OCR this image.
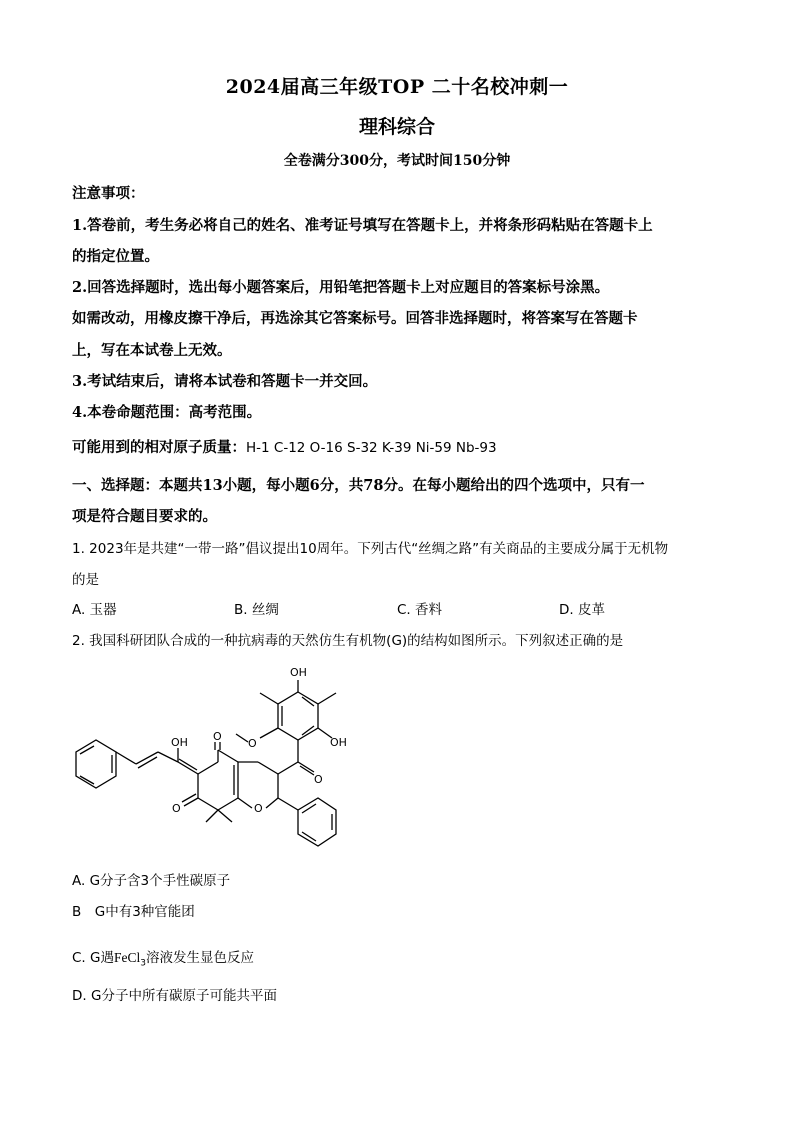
2024届高三年级TOP 二十名校冲刺一
理科综合
全卷满分300分，考试时间150分钟
注意事项：
1.答卷前，考生务必将自己的姓名、准考证号填写在答题卡上，并将条形码粘贴在答题卡上
的指定位置。
2.回答选择题时，选出每小题答案后，用铅笔把答题卡上对应题目的答案标号涂黑。
如需改动，用橡皮擦干净后，再选涂其它答案标号。回答非选择题时，将答案写在答题卡
上，写在本试卷上无效。
3.考试结束后，请将本试卷和答题卡一并交回。
4.本卷命题范围：高考范围。
可能用到的相对原子质量：H-1 C-12 O-16 S-32 K-39 Ni-59 Nb-93
一、选择题：本题共13小题，每小题6分，共78分。在每小题给出的四个选项中，只有一
项是符合题目要求的。
1. 2023年是共建“一带一路”倡议提出10周年。下列古代“丝绸之路”有关商品的主要成分属于无机物
的是
A. 玉器	B. 丝绸	C. 香料	D. 皮革
2. 我国科研团队合成的一种抗病毒的天然仿生有机物(G)的结构如图所示。下列叙述正确的是
OH
OH
OH	O
O
O
O	O
A. G分子含3个手性碳原子
B　G中有3种官能团
C. G遇FeCl$_3$溶液发生显色反应
D. G分子中所有碳原子可能共平面
